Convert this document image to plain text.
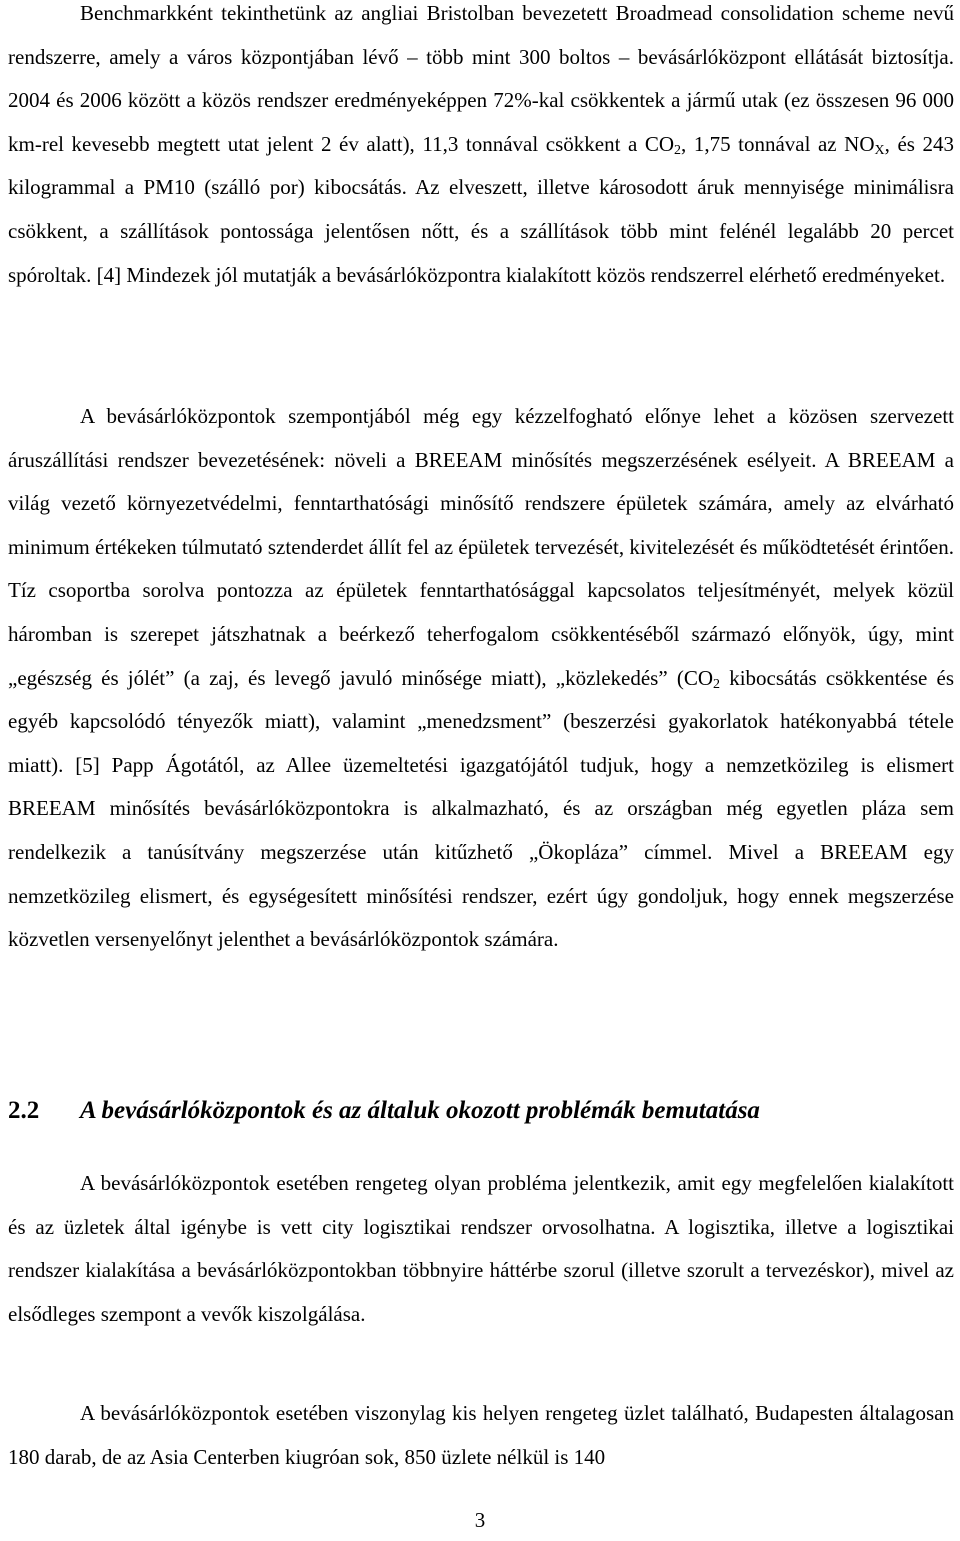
Benchmarkként tekinthetünk az angliai Bristolban bevezetett Broadmead consolidation scheme nevű rendszerre, amely a város központjában lévő – több mint 300 boltos – bevásárlóközpont ellátását biztosítja. 2004 és 2006 között a közös rendszer eredményeképpen 72%-kal csökkentek a jármű utak (ez összesen 96 000 km-rel kevesebb megtett utat jelent 2 év alatt), 11,3 tonnával csökkent a $CO_2$, 1,75 tonnával az $NO_X$, és 243 kilogrammal a PM10 (szálló por) kibocsátás. Az elveszett, illetve károsodott áruk mennyisége minimálisra csökkent, a szállítások pontossága jelentősen nőtt, és a szállítások több mint felénél legalább 20 percet spóroltak. [4] Mindezek jól mutatják a bevásárlóközpontra kialakított közös rendszerrel elérhető eredményeket.

A bevásárlóközpontok szempontjából még egy kézzelfogható előnye lehet a közösen szervezett áruszállítási rendszer bevezetésének: növeli a BREEAM minősítés megszerzésének esélyeit. A BREEAM a világ vezető környezetvédelmi, fenntarthatósági minősítő rendszere épületek számára, amely az elvárható minimum értékeken túlmutató sztenderdet állít fel az épületek tervezését, kivitelezését és működtetését érintően. Tíz csoportba sorolva pontozza az épületek fenntarthatósággal kapcsolatos teljesítményét, melyek közül háromban is szerepet játszhatnak a beérkező teherfogalom csökkentéséből származó előnyök, úgy, mint „egészség és jólét” (a zaj, és levegő javuló minősége miatt), „közlekedés” ($CO_2$ kibocsátás csökkentése és egyéb kapcsolódó tényezők miatt), valamint „menedzsment” (beszerzési gyakorlatok hatékonyabbá tétele miatt). [5] Papp Ágotától, az Allee üzemeltetési igazgatójától tudjuk, hogy a nemzetközileg is elismert BREEAM minősítés bevásárlóközpontokra is alkalmazható, és az országban még egyetlen pláza sem rendelkezik a tanúsítvány megszerzése után kitűzhető „Ökopláza” címmel. Mivel a BREEAM egy nemzetközileg elismert, és egységesített minősítési rendszer, ezért úgy gondoljuk, hogy ennek megszerzése közvetlen versenyelőnyt jelenthet a bevásárlóközpontok számára.

2.2 A bevásárlóközpontok és az általuk okozott problémák bemutatása

A bevásárlóközpontok esetében rengeteg olyan probléma jelentkezik, amit egy megfelelően kialakított és az üzletek által igénybe is vett city logisztikai rendszer orvosolhatna. A logisztika, illetve a logisztikai rendszer kialakítása a bevásárlóközpontokban többnyire háttérbe szorul (illetve szorult a tervezéskor), mivel az elsődleges szempont a vevők kiszolgálása.

A bevásárlóközpontok esetében viszonylag kis helyen rengeteg üzlet található, Budapesten általagosan 180 darab, de az Asia Centerben kiugróan sok, 850 üzlete nélkül is 140

3
